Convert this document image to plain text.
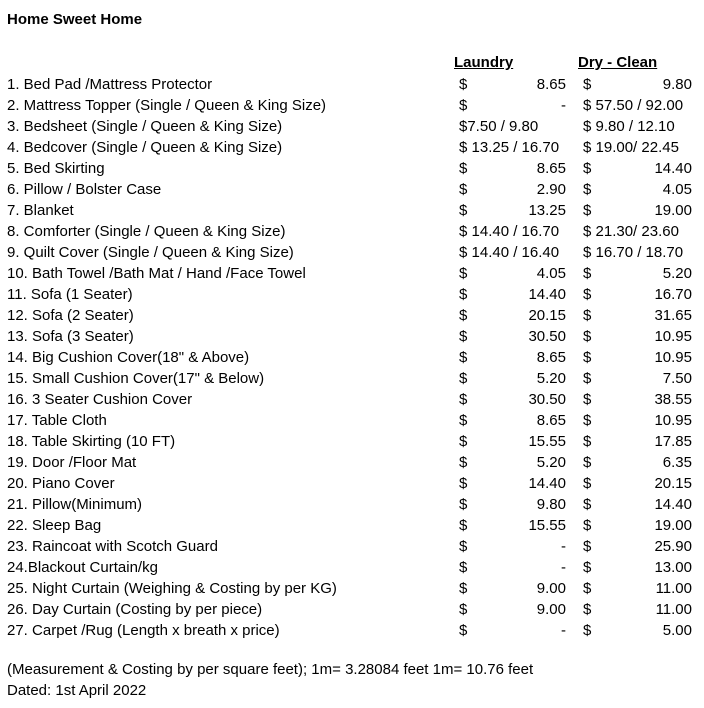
Home Sweet Home
Laundry	Dry - Clean
1. Bed Pad /Mattress Protector	$	8.65 $	9.80
2. Mattress Topper (Single / Queen & King Size)	$	- $ 57.50 / 92.00
3. Bedsheet (Single / Queen & King Size)	$7.50 / 9.80	$ 9.80 / 12.10
4. Bedcover (Single / Queen & King Size)	$ 13.25 / 16.70 $ 19.00/ 22.45
5. Bed Skirting	$	8.65 $	14.40
6. Pillow / Bolster Case	$	2.90 $	4.05
7. Blanket	$	13.25 $	19.00
8. Comforter (Single / Queen & King Size)	$ 14.40 / 16.70 $ 21.30/ 23.60
9. Quilt Cover (Single / Queen & King Size)	$ 14.40 / 16.40 $ 16.70 / 18.70
10. Bath Towel /Bath Mat / Hand /Face Towel	$	4.05 $	5.20
11. Sofa (1 Seater)	$	14.40 $	16.70
12. Sofa (2 Seater)	$	20.15 $	31.65
13. Sofa (3 Seater)	$	30.50 $	10.95
14. Big Cushion Cover(18" & Above)	$	8.65 $	10.95
15. Small Cushion Cover(17" & Below)	$	5.20 $	7.50
16. 3 Seater Cushion Cover	$	30.50 $	38.55
17. Table Cloth	$	8.65 $	10.95
18. Table Skirting (10 FT)	$	15.55 $	17.85
19. Door /Floor Mat	$	5.20 $	6.35
20. Piano Cover	$	14.40 $	20.15
21. Pillow(Minimum)	$	9.80 $	14.40
22. Sleep Bag	$	15.55 $	19.00
23. Raincoat with Scotch Guard	$	- $	25.90
24.Blackout Curtain/kg	$	- $	13.00
25. Night Curtain (Weighing & Costing by per KG)	$	9.00 $	11.00
26. Day Curtain (Costing by per piece)	$	9.00 $	11.00
27. Carpet /Rug (Length x breath x price)	$	- $	5.00
(Measurement & Costing by per square feet); 1m= 3.28084 feet 1m= 10.76 feet
Dated: 1st April 2022
